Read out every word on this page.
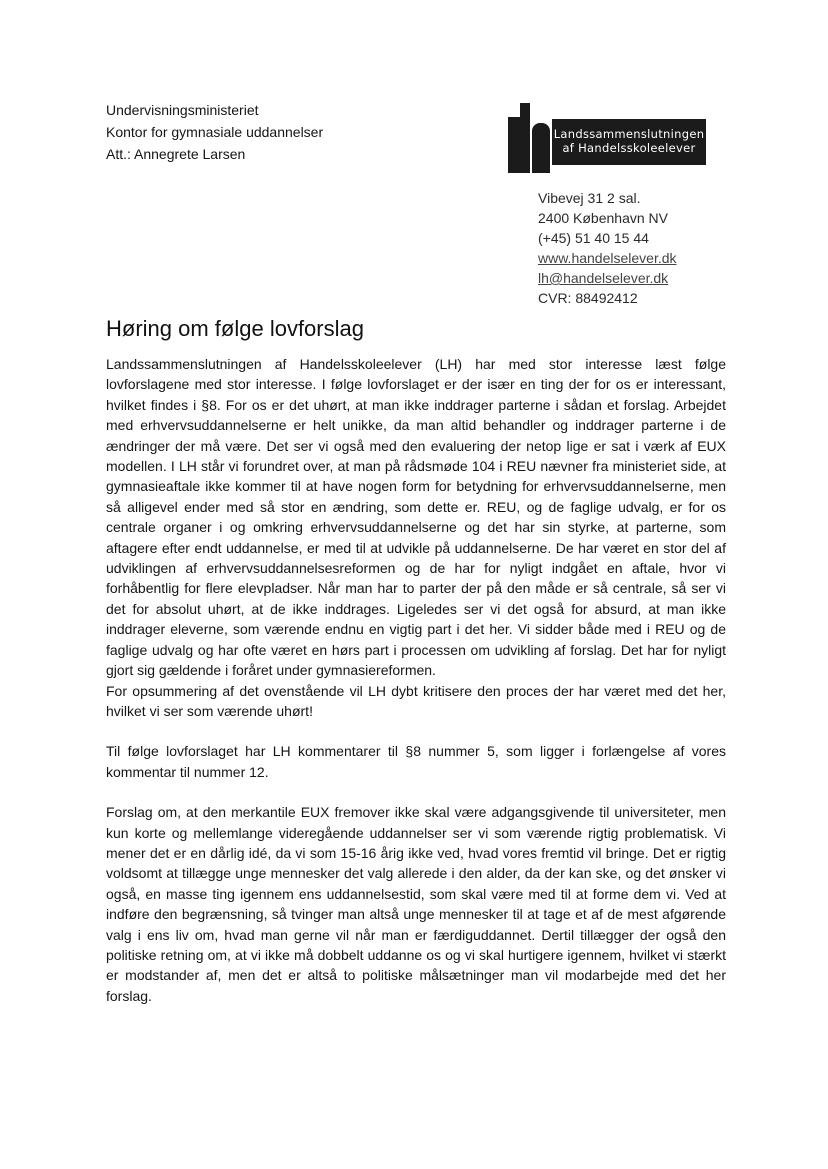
Undervisningsministeriet
Kontor for gymnasiale uddannelser
Att.: Annegrete Larsen
Landssammenslutningen
af Handelsskoleelever
Vibevej 31 2 sal.
2400 København NV
(+45) 51 40 15 44
www.handelselever.dk
lh@handelselever.dk
CVR: 88492412
Høring om følge lovforslag

Landssammenslutningen af Handelsskoleelever (LH) har med stor interesse læst følge lovforslagene med stor interesse. I følge lovforslaget er der især en ting der for os er interessant, hvilket findes i §8. For os er det uhørt, at man ikke inddrager parterne i sådan et forslag. Arbejdet med erhvervsuddannelserne er helt unikke, da man altid behandler og inddrager parterne i de ændringer der må være. Det ser vi også med den evaluering der netop lige er sat i værk af EUX modellen. I LH står vi forundret over, at man på rådsmøde 104 i REU nævner fra ministeriet side, at gymnasieaftale ikke kommer til at have nogen form for betydning for erhvervsuddannelserne, men så alligevel ender med så stor en ændring, som dette er. REU, og de faglige udvalg, er for os centrale organer i og omkring erhvervsuddannelserne og det har sin styrke, at parterne, som aftagere efter endt uddannelse, er med til at udvikle på uddannelserne. De har været en stor del af udviklingen af erhvervsuddannelsesreformen og de har for nyligt indgået en aftale, hvor vi forhåbentlig for flere elevpladser. Når man har to parter der på den måde er så centrale, så ser vi det for absolut uhørt, at de ikke inddrages. Ligeledes ser vi det også for absurd, at man ikke inddrager eleverne, som værende endnu en vigtig part i det her. Vi sidder både med i REU og de faglige udvalg og har ofte været en hørs part i processen om udvikling af forslag. Det har for nyligt gjort sig gældende i foråret under gymnasiereformen.

For opsummering af det ovenstående vil LH dybt kritisere den proces der har været med det her, hvilket vi ser som værende uhørt!

Til følge lovforslaget har LH kommentarer til §8 nummer 5, som ligger i forlængelse af vores kommentar til nummer 12.

Forslag om, at den merkantile EUX fremover ikke skal være adgangsgivende til universiteter, men kun korte og mellemlange videregående uddannelser ser vi som værende rigtig problematisk. Vi mener det er en dårlig idé, da vi som 15-16 årig ikke ved, hvad vores fremtid vil bringe. Det er rigtig voldsomt at tillægge unge mennesker det valg allerede i den alder, da der kan ske, og det ønsker vi også, en masse ting igennem ens uddannelsestid, som skal være med til at forme dem vi. Ved at indføre den begrænsning, så tvinger man altså unge mennesker til at tage et af de mest afgørende valg i ens liv om, hvad man gerne vil når man er færdiguddannet. Dertil tillægger der også den politiske retning om, at vi ikke må dobbelt uddanne os og vi skal hurtigere igennem, hvilket vi stærkt er modstander af, men det er altså to politiske målsætninger man vil modarbejde med det her forslag.
